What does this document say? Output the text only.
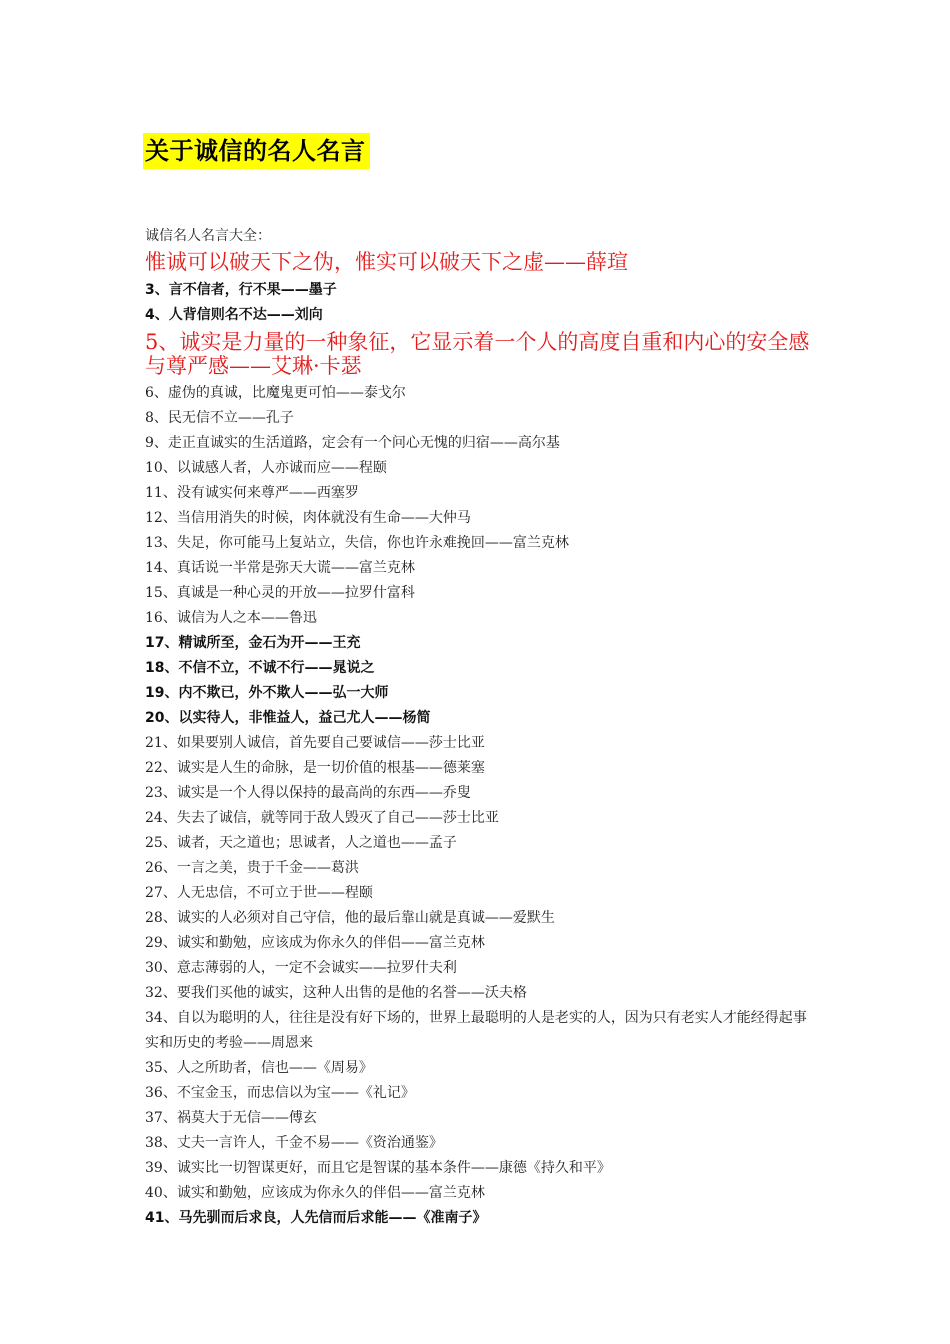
关于诚信的名人名言
诚信名人名言大全：
惟诚可以破天下之伪，惟实可以破天下之虚——薛瑄
3、言不信者，行不果——墨子
4、人背信则名不达——刘向
5、诚实是力量的一种象征，它显示着一个人的高度自重和内心的安全感与尊严感——艾琳·卡瑟
6、虚伪的真诚，比魔鬼更可怕——泰戈尔
8、民无信不立——孔子
9、走正直诚实的生活道路，定会有一个问心无愧的归宿——高尔基
10、以诚感人者，人亦诚而应——程颐
11、没有诚实何来尊严——西塞罗
12、当信用消失的时候，肉体就没有生命——大仲马
13、失足，你可能马上复站立，失信，你也许永难挽回——富兰克林
14、真话说一半常是弥天大谎——富兰克林
15、真诚是一种心灵的开放——拉罗什富科
16、诚信为人之本——鲁迅
17、精诚所至，金石为开——王充
18、不信不立，不诚不行——晁说之
19、内不欺已，外不欺人——弘一大师
20、以实待人，非惟益人，益己尤人——杨简
21、如果要别人诚信，首先要自己要诚信——莎士比亚
22、诚实是人生的命脉，是一切价值的根基——德莱塞
23、诚实是一个人得以保持的最高尚的东西——乔叟
24、失去了诚信，就等同于敌人毁灭了自己——莎士比亚
25、诚者，天之道也；思诚者，人之道也——孟子
26、一言之美，贵于千金——葛洪
27、人无忠信，不可立于世——程颐
28、诚实的人必须对自己守信，他的最后靠山就是真诚——爱默生
29、诚实和勤勉，应该成为你永久的伴侣——富兰克林
30、意志薄弱的人，一定不会诚实——拉罗什夫利
32、要我们买他的诚实，这种人出售的是他的名誉——沃夫格
34、自以为聪明的人，往往是没有好下场的，世界上最聪明的人是老实的人，因为只有老实人才能经得起事实和历史的考验——周恩来
35、人之所助者，信也——《周易》
36、不宝金玉，而忠信以为宝——《礼记》
37、祸莫大于无信——傅玄
38、丈夫一言许人，千金不易——《资治通鉴》
39、诚实比一切智谋更好，而且它是智谋的基本条件——康德《持久和平》
40、诚实和勤勉，应该成为你永久的伴侣——富兰克林
41、马先驯而后求良，人先信而后求能——《准南子》
